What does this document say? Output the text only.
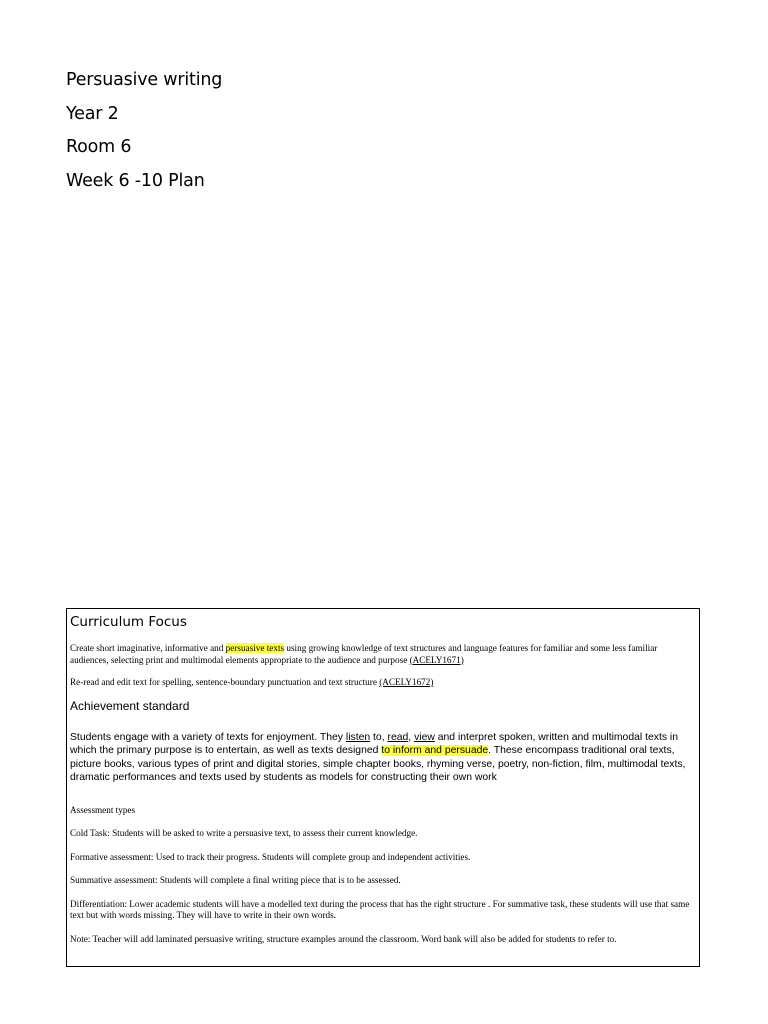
Persuasive writing
Year 2
Room 6
Week 6 -10 Plan

Curriculum Focus

Create short imaginative, informative and persuasive texts using growing knowledge of text structures and language features for familiar and some less familiar audiences, selecting print and multimodal elements appropriate to the audience and purpose (ACELY1671)

Re-read and edit text for spelling, sentence-boundary punctuation and text structure (ACELY1672)

Achievement standard

Students engage with a variety of texts for enjoyment. They listen to, read, view and interpret spoken, written and multimodal texts in which the primary purpose is to entertain, as well as texts designed to inform and persuade. These encompass traditional oral texts, picture books, various types of print and digital stories, simple chapter books, rhyming verse, poetry, non-fiction, film, multimodal texts, dramatic performances and texts used by students as models for constructing their own work

Assessment types

Cold Task: Students will be asked to write a persuasive text, to assess their current knowledge.

Formative assessment: Used to track their progress. Students will complete group and independent activities.

Summative assessment: Students will complete a final writing piece that is to be assessed.

Differentiation: Lower academic students will have a modelled text during the process that has the right structure . For summative task, these students will use that same text but with words missing. They will have to write in their own words.

Note: Teacher will add laminated persuasive writing, structure examples around the classroom. Word bank will also be added for students to refer to.
